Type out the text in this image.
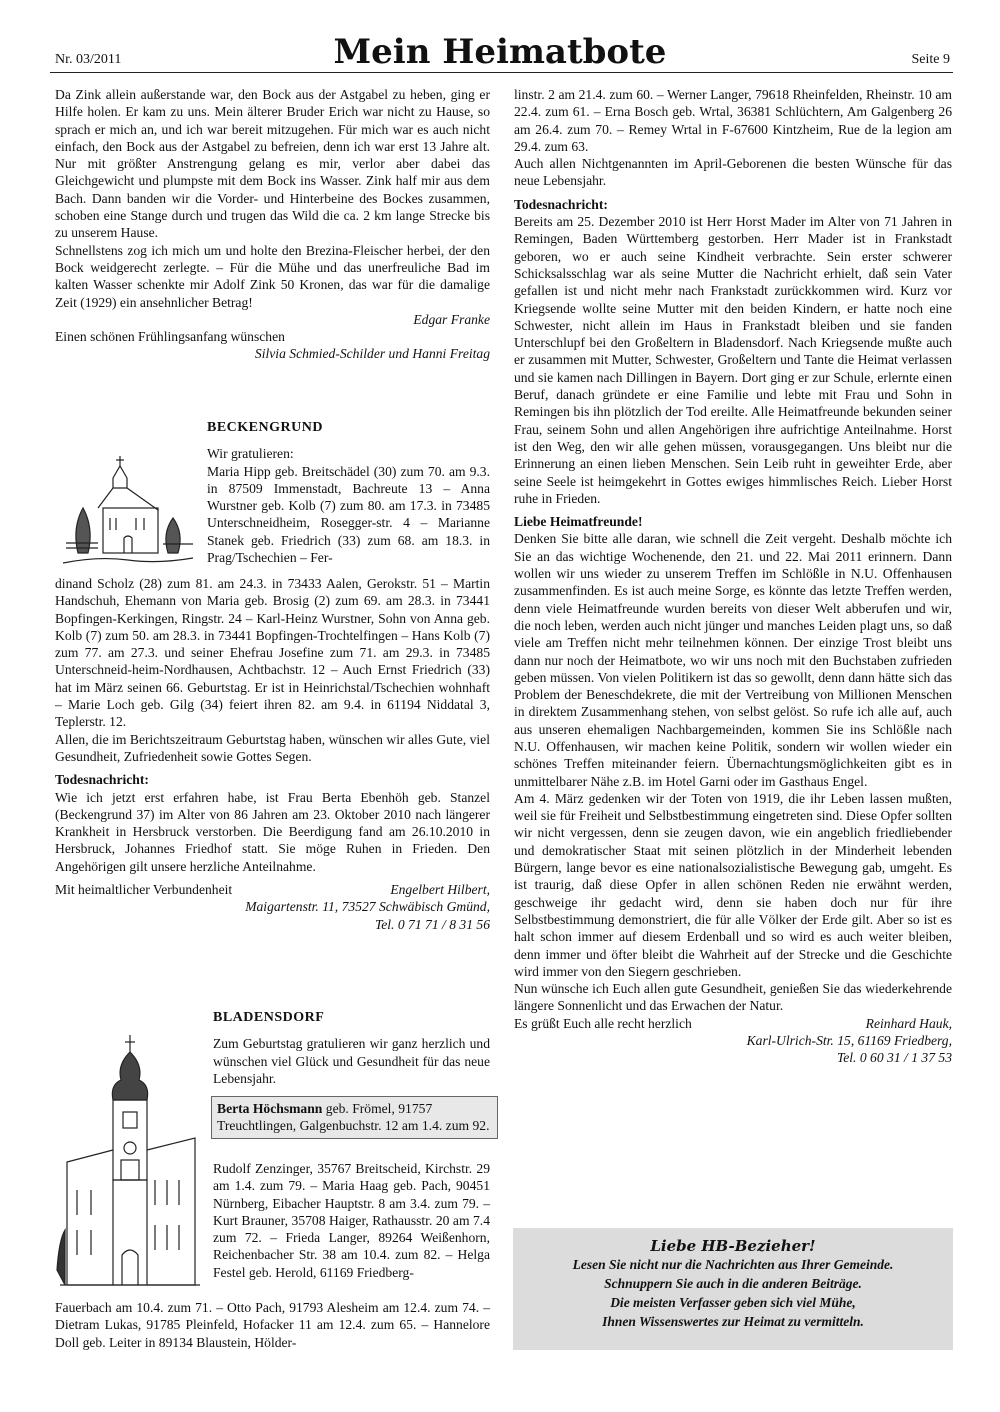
Nr. 03/2011	Mein Heimatbote	Seite 9

Da Zink allein außerstande war, den Bock aus der Astgabel zu heben, ging er Hilfe holen. Er kam zu uns. Mein älterer Bruder Erich war nicht zu Hause, so sprach er mich an, und ich war bereit mitzugehen. Für mich war es auch nicht einfach, den Bock aus der Astgabel zu befreien, denn ich war erst 13 Jahre alt. Nur mit größter Anstrengung gelang es mir, verlor aber dabei das Gleichgewicht und plumpste mit dem Bock ins Wasser. Zink half mir aus dem Bach. Dann banden wir die Vorder- und Hinterbeine des Bockes zusammen, schoben eine Stange durch und trugen das Wild die ca. 2 km lange Strecke bis zu unserem Hause.

Schnellstens zog ich mich um und holte den Brezina-Fleischer herbei, der den Bock weidgerecht zerlegte. – Für die Mühe und das unerfreuliche Bad im kalten Wasser schenkte mir Adolf Zink 50 Kronen, das war für die damalige Zeit (1929) ein ansehnlicher Betrag!

Edgar Franke

Einen schönen Frühlingsanfang wünschen

Silvia Schmied-Schilder und Hanni Freitag

BECKENGRUND

Wir gratulieren:

Maria Hipp geb. Breitschädel (30) zum 70. am 9.3. in 87509 Immenstadt, Bachreute 13 – Anna Wurstner geb. Kolb (7) zum 80. am 17.3. in 73485 Unterschneidheim, Rosegger-str. 4 – Marianne Stanek geb. Friedrich (33) zum 68. am 18.3. in Prag/Tschechien – Fer-

dinand Scholz (28) zum 81. am 24.3. in 73433 Aalen, Gerokstr. 51 – Martin Handschuh, Ehemann von Maria geb. Brosig (2) zum 69. am 28.3. in 73441 Bopfingen-Kerkingen, Ringstr. 24 – Karl-Heinz Wurstner, Sohn von Anna geb. Kolb (7) zum 50. am 28.3. in 73441 Bopfingen-Trochtelfingen – Hans Kolb (7) zum 77. am 27.3. und seiner Ehefrau Josefine zum 71. am 29.3. in 73485 Unterschneid-heim-Nordhausen, Achtbachstr. 12 – Auch Ernst Friedrich (33) hat im März seinen 66. Geburtstag. Er ist in Heinrichstal/Tschechien wohnhaft – Marie Loch geb. Gilg (34) feiert ihren 82. am 9.4. in 61194 Niddatal 3, Teplerstr. 12.

Allen, die im Berichtszeitraum Geburtstag haben, wünschen wir alles Gute, viel Gesundheit, Zufriedenheit sowie Gottes Segen.

Todesnachricht:

Wie ich jetzt erst erfahren habe, ist Frau Berta Ebenhöh geb. Stanzel (Beckengrund 37) im Alter von 86 Jahren am 23. Oktober 2010 nach längerer Krankheit in Hersbruck verstorben. Die Beerdigung fand am 26.10.2010 in Hersbruck, Johannes Friedhof statt. Sie möge Ruhen in Frieden. Den Angehörigen gilt unsere herzliche Anteilnahme.

Mit heimaltlicher Verbundenheit	Engelbert Hilbert,

Maigartenstr. 11, 73527 Schwäbisch Gmünd,

Tel. 0 71 71 / 8 31 56

BLADENSDORF

Zum Geburtstag gratulieren wir ganz herzlich und wünschen viel Glück und Gesundheit für das neue Lebensjahr.

Berta Höchsmann geb. Frömel, 91757 Treuchtlingen, Galgenbuchstr. 12 am 1.4. zum 92.

Rudolf Zenzinger, 35767 Breitscheid, Kirchstr. 29 am 1.4. zum 79. – Maria Haag geb. Pach, 90451 Nürnberg, Eibacher Hauptstr. 8 am 3.4. zum 79. – Kurt Brauner, 35708 Haiger, Rathausstr. 20 am 7.4 zum 72. – Frieda Langer, 89264 Weißenhorn, Reichenbacher Str. 38 am 10.4. zum 82. – Helga Festel geb. Herold, 61169 Friedberg-

Fauerbach am 10.4. zum 71. – Otto Pach, 91793 Alesheim am 12.4. zum 74. – Dietram Lukas, 91785 Pleinfeld, Hofacker 11 am 12.4. zum 65. – Hannelore Doll geb. Leiter in 89134 Blaustein, Hölder-

linstr. 2 am 21.4. zum 60. – Werner Langer, 79618 Rheinfelden, Rheinstr. 10 am 22.4. zum 61. – Erna Bosch geb. Wrtal, 36381 Schlüchtern, Am Galgenberg 26 am 26.4. zum 70. – Remey Wrtal in F-67600 Kintzheim, Rue de la legion am 29.4. zum 63.

Auch allen Nichtgenannten im April-Geborenen die besten Wünsche für das neue Lebensjahr.

Todesnachricht:

Bereits am 25. Dezember 2010 ist Herr Horst Mader im Alter von 71 Jahren in Remingen, Baden Württemberg gestorben. Herr Mader ist in Frankstadt geboren, wo er auch seine Kindheit verbrachte. Sein erster schwerer Schicksalsschlag war als seine Mutter die Nachricht erhielt, daß sein Vater gefallen ist und nicht mehr nach Frankstadt zurückkommen wird. Kurz vor Kriegsende wollte seine Mutter mit den beiden Kindern, er hatte noch eine Schwester, nicht allein im Haus in Frankstadt bleiben und sie fanden Unterschlupf bei den Großeltern in Bladensdorf. Nach Kriegsende mußte auch er zusammen mit Mutter, Schwester, Großeltern und Tante die Heimat verlassen und sie kamen nach Dillingen in Bayern. Dort ging er zur Schule, erlernte einen Beruf, danach gründete er eine Familie und lebte mit Frau und Sohn in Remingen bis ihn plötzlich der Tod ereilte. Alle Heimatfreunde bekunden seiner Frau, seinem Sohn und allen Angehörigen ihre aufrichtige Anteilnahme. Horst ist den Weg, den wir alle gehen müssen, vorausgegangen. Uns bleibt nur die Erinnerung an einen lieben Menschen. Sein Leib ruht in geweihter Erde, aber seine Seele ist heimgekehrt in Gottes ewiges himmlisches Reich. Lieber Horst ruhe in Frieden.

Liebe Heimatfreunde!

Denken Sie bitte alle daran, wie schnell die Zeit vergeht. Deshalb möchte ich Sie an das wichtige Wochenende, den 21. und 22. Mai 2011 erinnern. Dann wollen wir uns wieder zu unserem Treffen im Schlößle in N.U. Offenhausen zusammenfinden. Es ist auch meine Sorge, es könnte das letzte Treffen werden, denn viele Heimatfreunde wurden bereits von dieser Welt abberufen und wir, die noch leben, werden auch nicht jünger und manches Leiden plagt uns, so daß viele am Treffen nicht mehr teilnehmen können. Der einzige Trost bleibt uns dann nur noch der Heimatbote, wo wir uns noch mit den Buchstaben zufrieden geben müssen. Von vielen Politikern ist das so gewollt, denn dann hätte sich das Problem der Beneschdekrete, die mit der Vertreibung von Millionen Menschen in direktem Zusammenhang stehen, von selbst gelöst. So rufe ich alle auf, auch aus unseren ehemaligen Nachbargemeinden, kommen Sie ins Schlößle nach N.U. Offenhausen, wir machen keine Politik, sondern wir wollen wieder ein schönes Treffen miteinander feiern. Übernachtungsmöglichkeiten gibt es in unmittelbarer Nähe z.B. im Hotel Garni oder im Gasthaus Engel.

Am 4. März gedenken wir der Toten von 1919, die ihr Leben lassen mußten, weil sie für Freiheit und Selbstbestimmung eingetreten sind. Diese Opfer sollten wir nicht vergessen, denn sie zeugen davon, wie ein angeblich friedliebender und demokratischer Staat mit seinen plötzlich in der Minderheit lebenden Bürgern, lange bevor es eine nationalsozialistische Bewegung gab, umgeht. Es ist traurig, daß diese Opfer in allen schönen Reden nie erwähnt werden, geschweige ihr gedacht wird, denn sie haben doch nur für ihre Selbstbestimmung demonstriert, die für alle Völker der Erde gilt. Aber so ist es halt schon immer auf diesem Erdenball und so wird es auch weiter bleiben, denn immer und öfter bleibt die Wahrheit auf der Strecke und die Geschichte wird immer von den Siegern geschrieben.

Nun wünsche ich Euch allen gute Gesundheit, genießen Sie das wiederkehrende längere Sonnenlicht und das Erwachen der Natur.

Es grüßt Euch alle recht herzlich	Reinhard Hauk,

Karl-Ulrich-Str. 15, 61169 Friedberg,

Tel. 0 60 31 / 1 37 53

Liebe HB-Bezieher!
Lesen Sie nicht nur die Nachrichten aus Ihrer Gemeinde.
Schnuppern Sie auch in die anderen Beiträge.
Die meisten Verfasser geben sich viel Mühe,
Ihnen Wissenswertes zur Heimat zu vermitteln.
